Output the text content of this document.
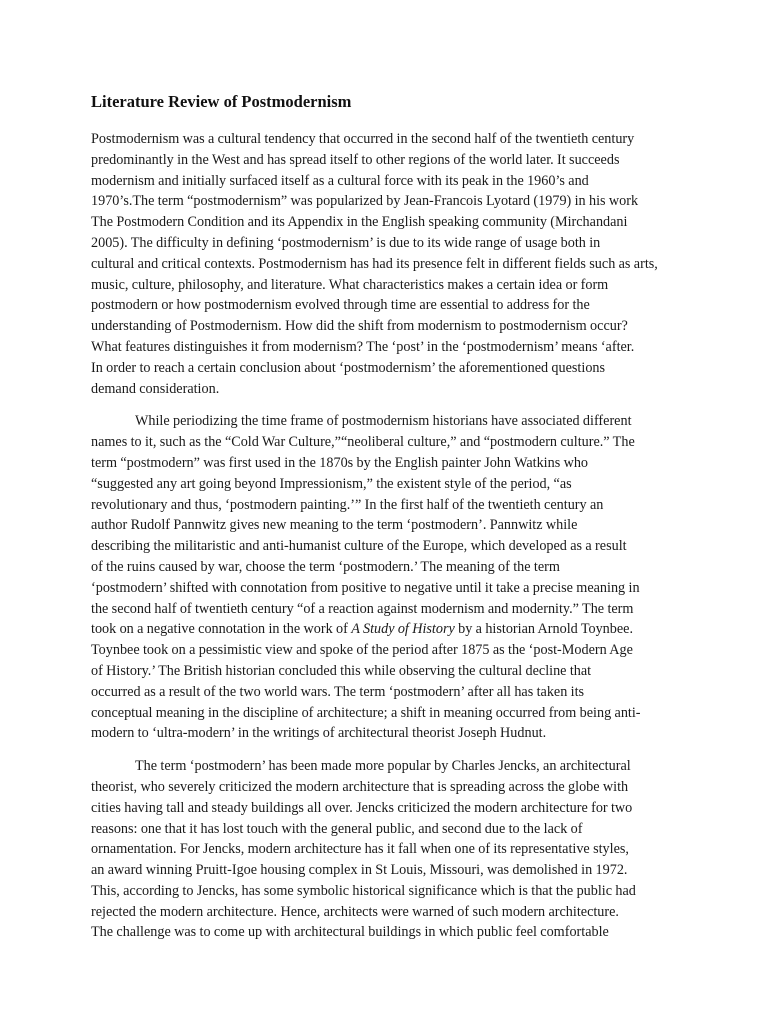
Literature Review of Postmodernism
Postmodernism was a cultural tendency that occurred in the second half of the twentieth century
predominantly in the West and has spread itself to other regions of the world later. It succeeds
modernism and initially surfaced itself as a cultural force with its peak in the 1960’s and
1970’s.The term “postmodernism” was popularized by Jean-Francois Lyotard (1979) in his work
The Postmodern Condition and its Appendix in the English speaking community (Mirchandani
2005). The difficulty in defining ‘postmodernism’ is due to its wide range of usage both in
cultural and critical contexts. Postmodernism has had its presence felt in different fields such as arts,
music, culture, philosophy, and literature. What characteristics makes a certain idea or form
postmodern or how postmodernism evolved through time are essential to address for the
understanding of Postmodernism. How did the shift from modernism to postmodernism occur?
What features distinguishes it from modernism? The ‘post’ in the ‘postmodernism’ means ‘after.
In order to reach a certain conclusion about ‘postmodernism’ the aforementioned questions
demand consideration.
While periodizing the time frame of postmodernism historians have associated different
names to it, such as the “Cold War Culture,”“neoliberal culture,” and “postmodern culture.” The
term “postmodern” was first used in the 1870s by the English painter John Watkins who
“suggested any art going beyond Impressionism,” the existent style of the period, “as
revolutionary and thus, ‘postmodern painting.’” In the first half of the twentieth century an
author Rudolf Pannwitz gives new meaning to the term ‘postmodern’. Pannwitz while
describing the militaristic and anti-humanist culture of the Europe, which developed as a result
of the ruins caused by war, choose the term ‘postmodern.’ The meaning of the term
‘postmodern’ shifted with connotation from positive to negative until it take a precise meaning in
the second half of twentieth century “of a reaction against modernism and modernity.” The term
took on a negative connotation in the work of A Study of History by a historian Arnold Toynbee.
Toynbee took on a pessimistic view and spoke of the period after 1875 as the ‘post-Modern Age
of History.’ The British historian concluded this while observing the cultural decline that
occurred as a result of the two world wars. The term ‘postmodern’ after all has taken its
conceptual meaning in the discipline of architecture; a shift in meaning occurred from being anti-
modern to ‘ultra-modern’ in the writings of architectural theorist Joseph Hudnut.
The term ‘postmodern’ has been made more popular by Charles Jencks, an architectural
theorist, who severely criticized the modern architecture that is spreading across the globe with
cities having tall and steady buildings all over. Jencks criticized the modern architecture for two
reasons: one that it has lost touch with the general public, and second due to the lack of
ornamentation. For Jencks, modern architecture has it fall when one of its representative styles,
an award winning Pruitt-Igoe housing complex in St Louis, Missouri, was demolished in 1972.
This, according to Jencks, has some symbolic historical significance which is that the public had
rejected the modern architecture. Hence, architects were warned of such modern architecture.
The challenge was to come up with architectural buildings in which public feel comfortable
